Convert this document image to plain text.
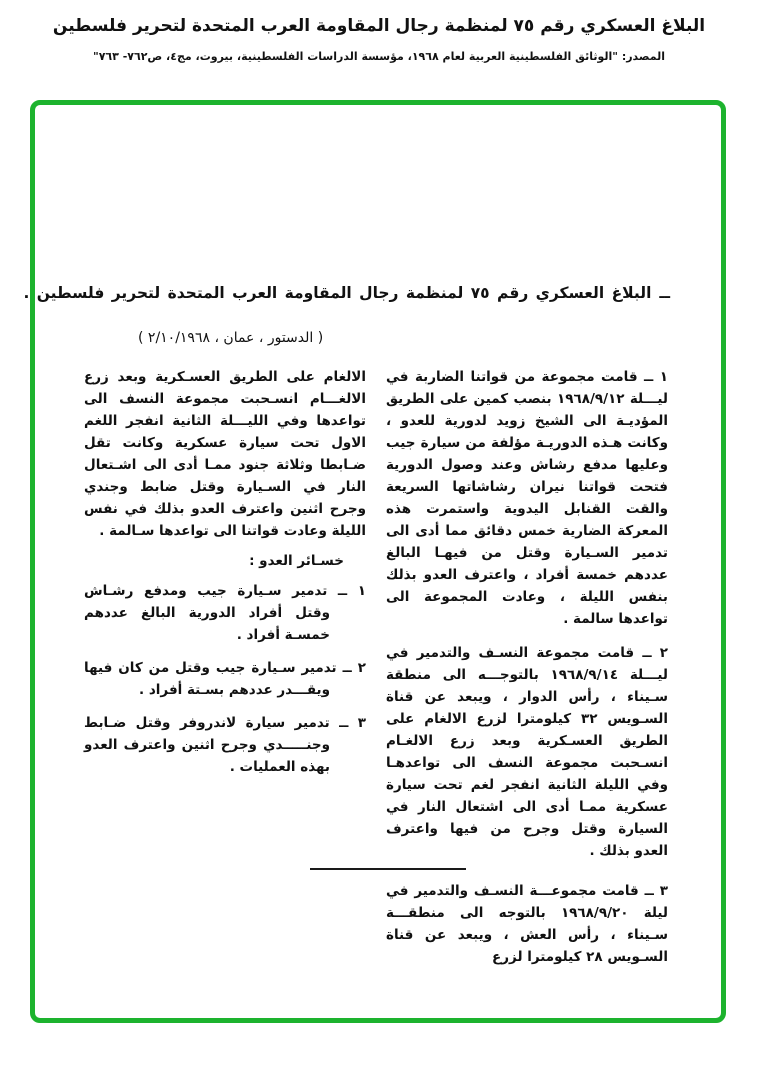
البلاغ العسكري رقم ٧٥ لمنظمة رجال المقاومة العرب المتحدة لتحرير فلسطين
المصدر: "الوثائق الفلسطينية العربية لعام ١٩٦٨، مؤسسة الدراسات الفلسطينية، بيروت، مج٤، ص٧٦٢- ٧٦٣"
ــ
البلاغ العسكري رقم ٧٥ لمنظمة رجال المقاومة العرب المتحدة لتحرير فلسطين .
( الدستور ، عمان ، ٢/١٠/١٩٦٨ )

١ ــ قامت مجموعة من قواتنا الضاربة في ليـــلة ١٩٦٨/٩/١٢ بنصب كمين على الطريق المؤديـة الى الشيخ زويد لدورية للعدو ، وكانت هـذه الدوريـة مؤلفة من سيارة جيب وعليها مدفع رشاش وعند وصول الدورية فتحت قواتنا نيران رشاشاتها السريعة والقت القنابل اليدوية واستمرت هذه المعركة الضارية خمس دقائق مما أدى الى تدمير السـيارة وقتل من فيهـا البالغ عددهم خمسة أفراد ، واعترف العدو بذلك بنفس الليلة ، وعادت المجموعة الى تواعدها سالمة .

٢ ــ قامت مجموعة النسـف والتدمير في ليـــلة ١٩٦٨/٩/١٤ بالتوجـــه الى منطقة سـيناء ، رأس الدوار ، ويبعد عن قناة السـويس ٣٢ كيلومترا لزرع الالغام على الطريق العسـكرية وبعد زرع الالغـام انسـحبت مجموعة النسف الى تواعدهـا وفي الليلة الثانية انفجر لغم تحت سيارة عسكرية ممـا أدى الى اشتعال النار في السيارة وقتل وجرح من فيها واعترف العدو بذلك .

٣ ــ قامت مجموعـــة النسـف والتدمير في ليلة ١٩٦٨/٩/٢٠ بالتوجه الى منطقـــة سـيناء ، رأس العش ، ويبعد عن قناة السـويس ٢٨ كيلومترا لزرع

الالغام على الطريق العسـكرية وبعد زرع الالغـــام انسـحبت مجموعة النسف الى تواعدها وفي الليـــلة الثانية انفجر اللغم الاول تحت سيارة عسكرية وكانت تقل ضـابطا وثلاثة جنود ممـا أدى الى اشـتعال النار في السـيارة وقتل ضابط وجندي وجرح اثنين واعترف العدو بذلك في نفس الليلة وعادت قواتنا الى تواعدها سـالمة .

خسـائر العدو :

١ ــ تدمير سـيارة جيب ومدفع رشـاش وقتل أفراد الدورية البالغ عددهم خمسـة أفراد .

٢ ــ تدمير سـيارة جيب وقتل من كان فيها ويقـــدر عددهم بسـتة أفراد .

٣ ــ تدمير سيارة لاندروفر وقتل ضـابط وجنـــــدي وجرح اثنين واعترف العدو بهذه العمليات .
